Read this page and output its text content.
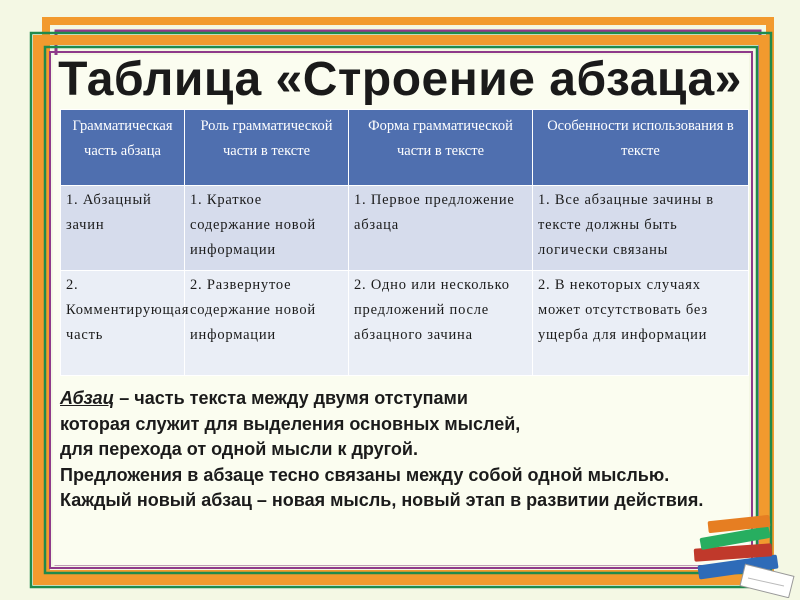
Таблица «Строение абзаца»
Грамматическая часть абзаца	Роль грамматической части в тексте	Форма грамматической части в тексте	Особенности использования в тексте
1. Абзацный зачин	1. Краткое содержание новой информации	1. Первое предложение абзаца	1. Все абзацные зачины в тексте должны быть логически связаны
2. Комментирующая часть	2. Развернутое содержание новой информации	2. Одно или несколько предложений после абзацного зачина	2. В некоторых случаях может отсутствовать без ущерба для информации

Абзац – часть текста между двумя отступами

которая служит для выделения основных мыслей,

для перехода от одной мысли к другой.

Предложения в абзаце тесно связаны между собой одной мыслью.

Каждый новый абзац – новая мысль, новый этап в развитии действия.
